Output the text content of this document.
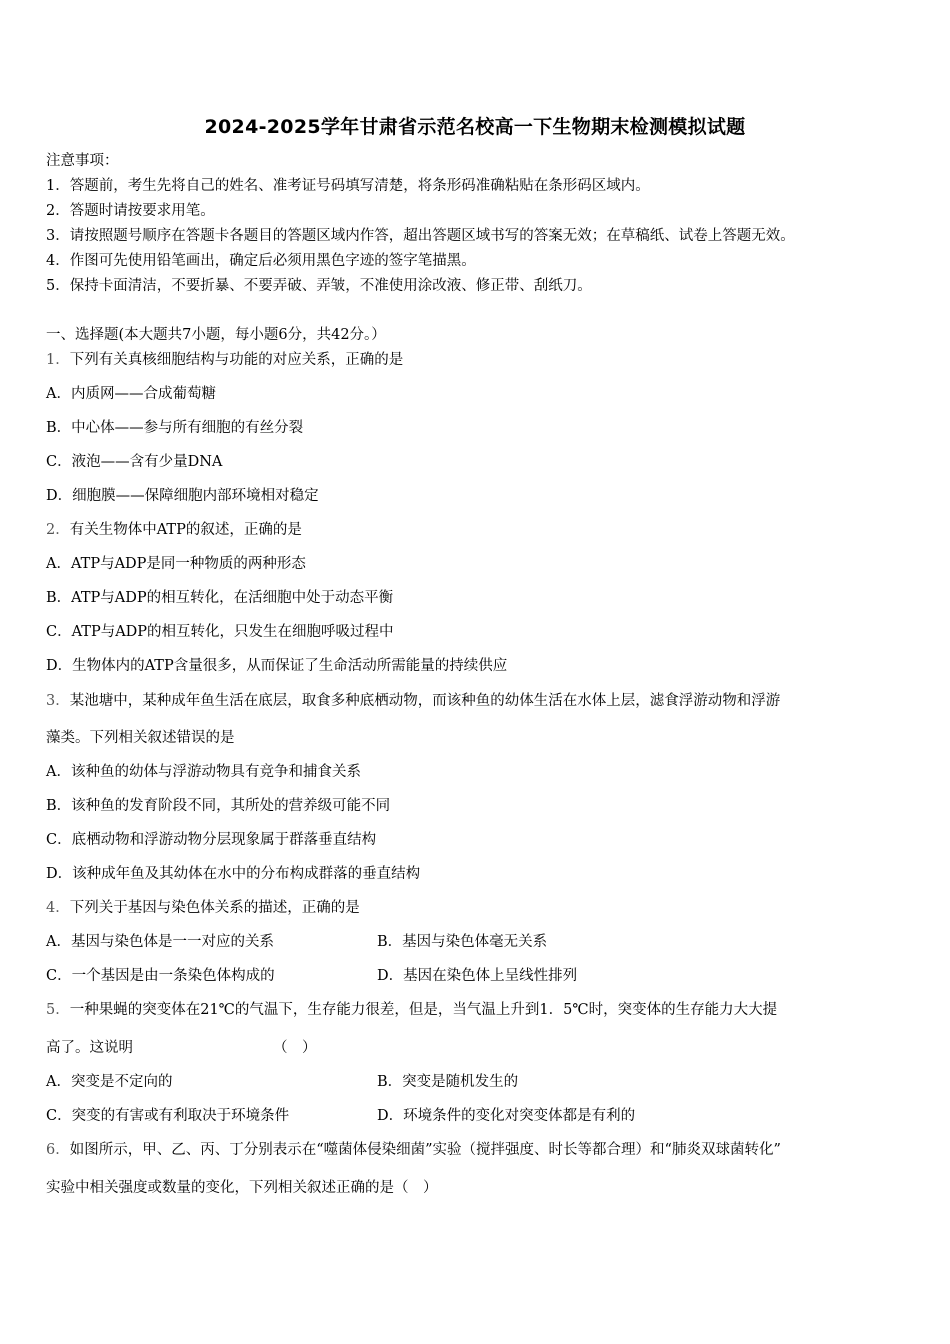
2024-2025学年甘肃省示范名校高一下生物期末检测模拟试题
注意事项：
1．答题前，考生先将自己的姓名、准考证号码填写清楚，将条形码准确粘贴在条形码区域内。
2．答题时请按要求用笔。
3．请按照题号顺序在答题卡各题目的答题区域内作答，超出答题区域书写的答案无效；在草稿纸、试卷上答题无效。
4．作图可先使用铅笔画出，确定后必须用黑色字迹的签字笔描黑。
5．保持卡面清洁，不要折暴、不要弄破、弄皱，不准使用涂改液、修正带、刮纸刀。
一、选择题(本大题共7小题，每小题6分，共42分。）
1．下列有关真核细胞结构与功能的对应关系，正确的是
A．内质网——合成葡萄糖
B．中心体——参与所有细胞的有丝分裂
C．液泡——含有少量DNA
D．细胞膜——保障细胞内部环境相对稳定
2．有关生物体中ATP的叙述，正确的是
A．ATP与ADP是同一种物质的两种形态
B．ATP与ADP的相互转化，在活细胞中处于动态平衡
C．ATP与ADP的相互转化，只发生在细胞呼吸过程中
D．生物体内的ATP含量很多，从而保证了生命活动所需能量的持续供应
3．某池塘中，某种成年鱼生活在底层，取食多种底栖动物，而该种鱼的幼体生活在水体上层，滤食浮游动物和浮游
藻类。下列相关叙述错误的是
A．该种鱼的幼体与浮游动物具有竞争和捕食关系
B．该种鱼的发育阶段不同，其所处的营养级可能不同
C．底栖动物和浮游动物分层现象属于群落垂直结构
D．该种成年鱼及其幼体在水中的分布构成群落的垂直结构
4．下列关于基因与染色体关系的描述，正确的是
A．基因与染色体是一一对应的关系	B．基因与染色体毫无关系
C．一个基因是由一条染色体构成的	D．基因在染色体上呈线性排列
5．一种果蝇的突变体在21℃的气温下，生存能力很差，但是，当气温上升到1．5℃时，突变体的生存能力大大提
高了。这说明	（　）
A．突变是不定向的	B．突变是随机发生的
C．突变的有害或有利取决于环境条件	D．环境条件的变化对突变体都是有利的
6．如图所示，甲、乙、丙、丁分别表示在“噬菌体侵染细菌”实验（搅拌强度、时长等都合理）和“肺炎双球菌转化”
实验中相关强度或数量的变化，下列相关叙述正确的是（　）
